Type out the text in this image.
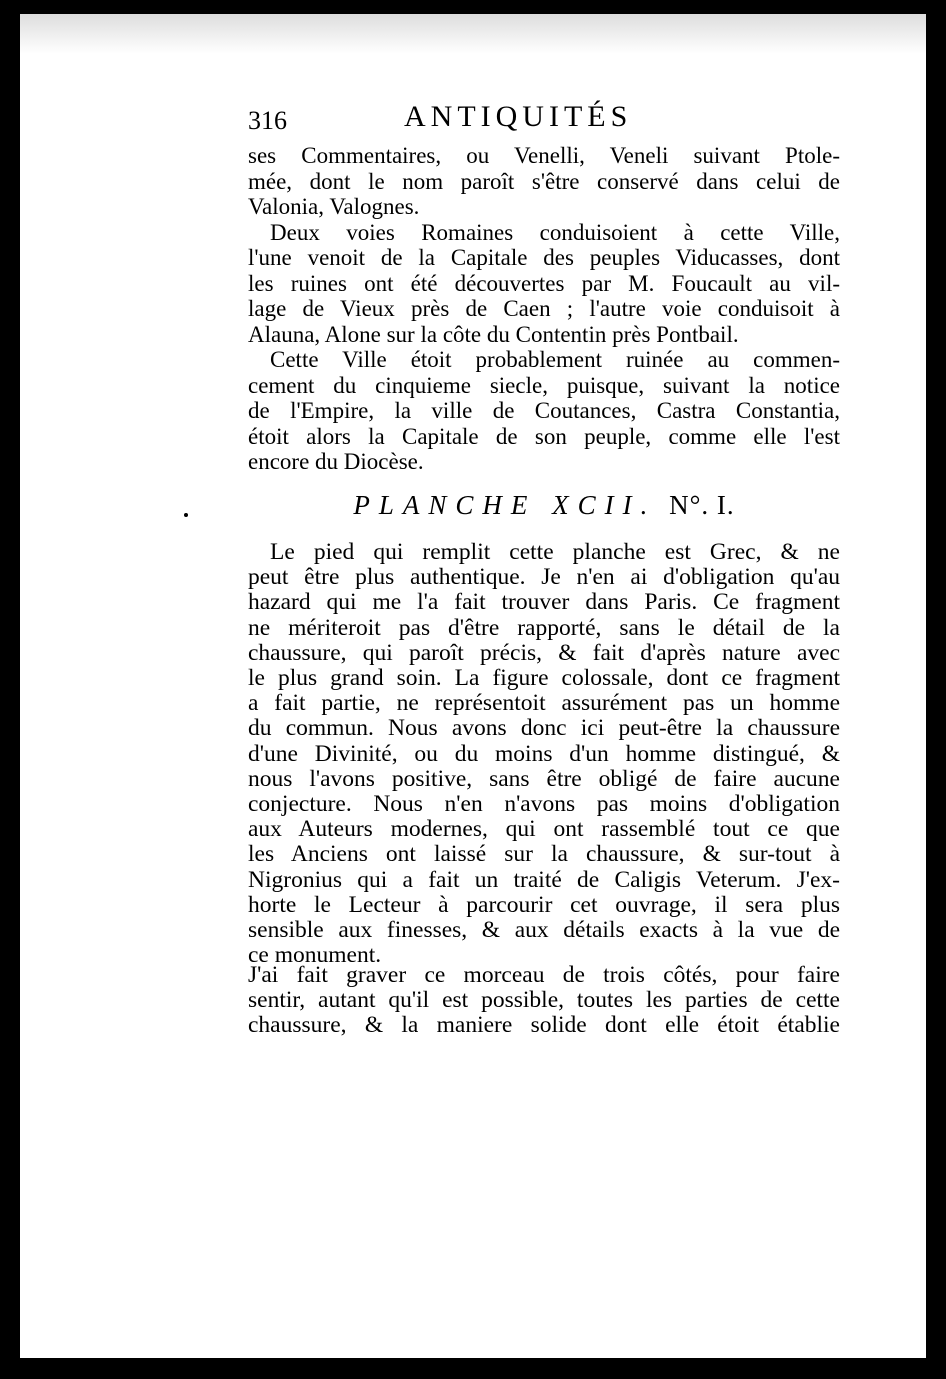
316	ANTIQUITÉS
ses Commentaires, ou Venelli, Veneli suivant Ptole-
mée, dont le nom paroît s'être conservé dans celui de
Valonia, Valognes.
Deux voies Romaines conduisoient à cette Ville,
l'une venoit de la Capitale des peuples Viducasses, dont
les ruines ont été découvertes par M. Foucault au vil-
lage de Vieux près de Caen ; l'autre voie conduisoit à
Alauna, Alone sur la côte du Contentin près Pontbail.
Cette Ville étoit probablement ruinée au commen-
cement du cinquieme siecle, puisque, suivant la notice
de l'Empire, la ville de Coutances, Castra Constantia,
étoit alors la Capitale de son peuple, comme elle l'est
encore du Diocèse.
PLANCHE XCII. N°. I.
Le pied qui remplit cette planche est Grec, & ne
peut être plus authentique. Je n'en ai d'obligation qu'au
hazard qui me l'a fait trouver dans Paris. Ce fragment
ne mériteroit pas d'être rapporté, sans le détail de la
chaussure, qui paroît précis, & fait d'après nature avec
le plus grand soin. La figure colossale, dont ce fragment
a fait partie, ne représentoit assurément pas un homme
du commun. Nous avons donc ici peut-être la chaussure
d'une Divinité, ou du moins d'un homme distingué, &
nous l'avons positive, sans être obligé de faire aucune
conjecture. Nous n'en n'avons pas moins d'obligation
aux Auteurs modernes, qui ont rassemblé tout ce que
les Anciens ont laissé sur la chaussure, & sur-tout à
Nigronius qui a fait un traité de Caligis Veterum. J'ex-
horte le Lecteur à parcourir cet ouvrage, il sera plus
sensible aux finesses, & aux détails exacts à la vue de
ce monument.
J'ai fait graver ce morceau de trois côtés, pour faire
sentir, autant qu'il est possible, toutes les parties de cette
chaussure, & la maniere solide dont elle étoit établie
